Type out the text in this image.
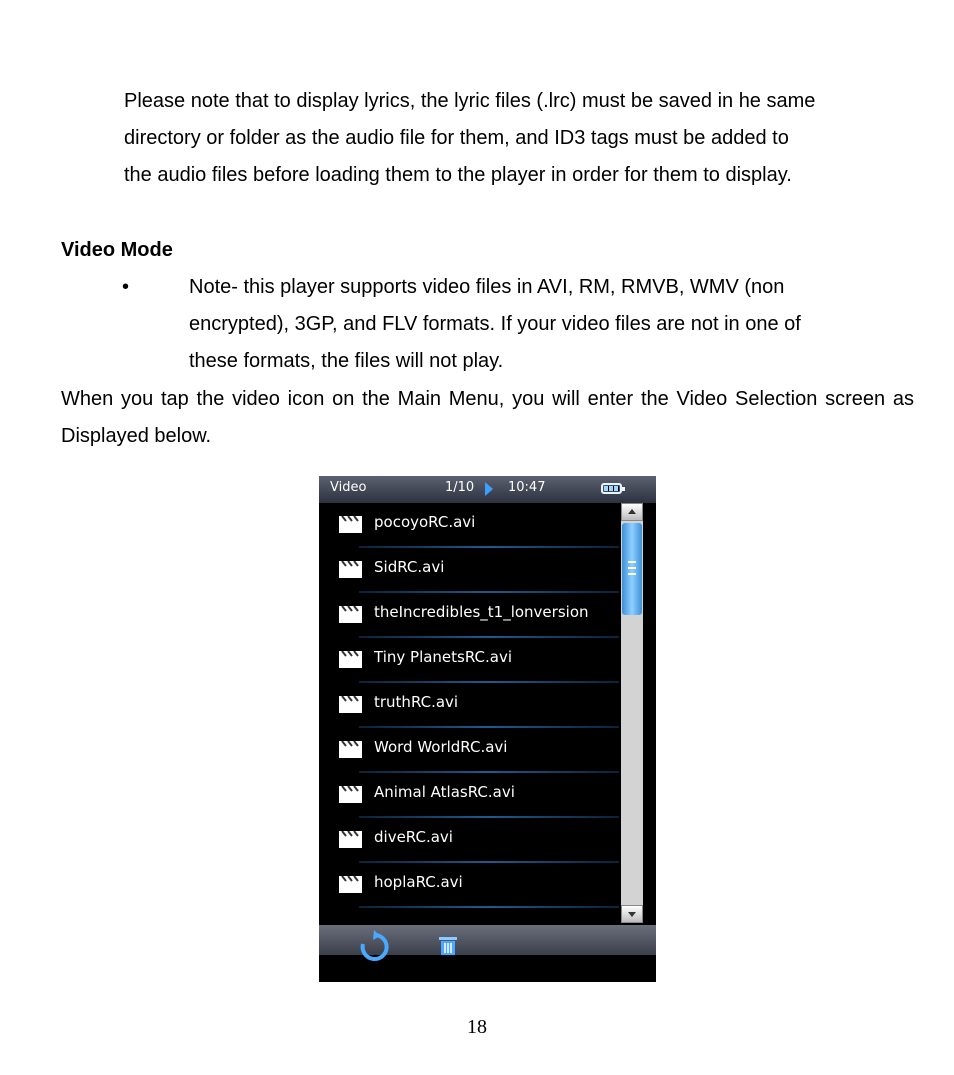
Please note that to display lyrics, the lyric files (.lrc) must be saved in he same
directory or folder as the audio file for them, and ID3 tags must be added to
the audio files before loading them to the player in order for them to display.
Video Mode
•	Note- this player supports video files in AVI, RM, RMVB, WMV (non
encrypted), 3GP, and FLV formats. If your video files are not in one of
these formats, the files will not play.
When you tap the video icon on the Main Menu, you will enter the Video Selection screen as Displayed below.
Video	1/10	10:47
pocoyoRC.avi
SidRC.avi
theIncredibles_t1_lonversion
Tiny PlanetsRC.avi
truthRC.avi
Word WorldRC.avi
Animal AtlasRC.avi
diveRC.avi
hoplaRC.avi
18
